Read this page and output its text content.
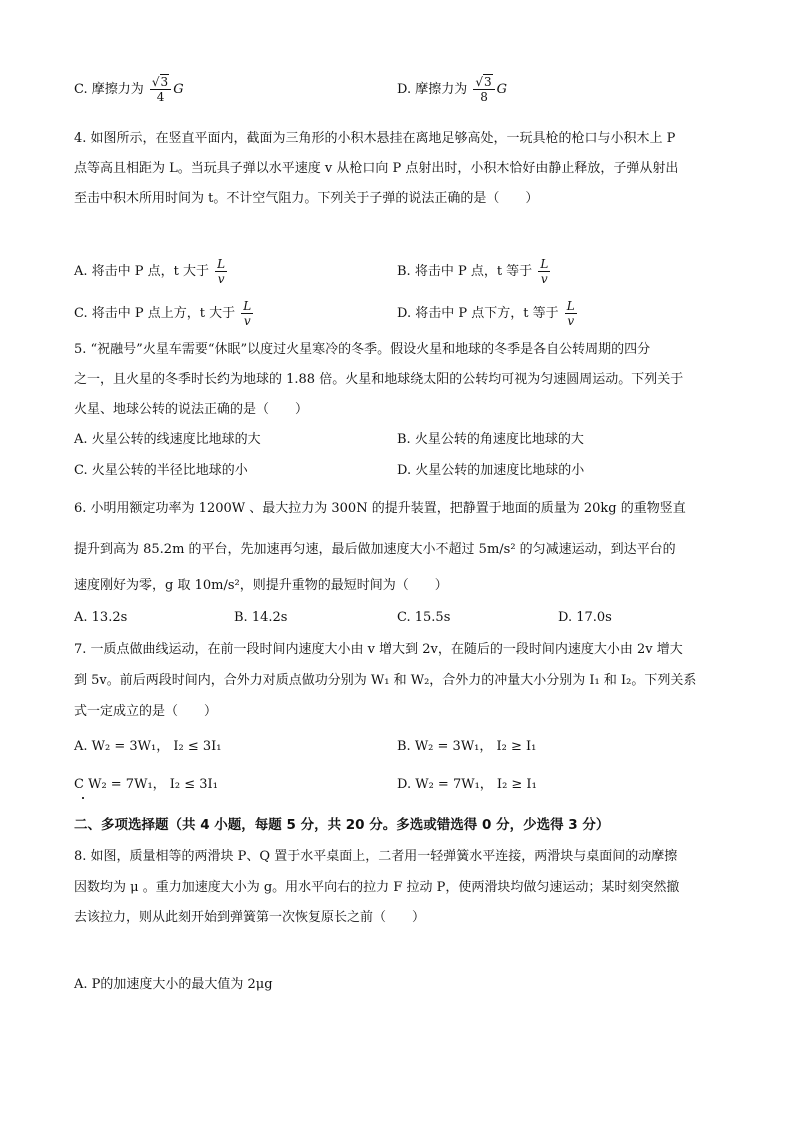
C. 摩擦力为 $\frac{√3}{4}$ G	D. 摩擦力为 $\frac{√3}{8}$ G
4. 如图所示，在竖直平面内，截面为三角形的小积木悬挂在离地足够高处，一玩具枪的枪口与小积木上 P
点等高且相距为 L。当玩具子弹以水平速度 v 从枪口向 P 点射出时，小积木恰好由静止释放，子弹从射出
至击中积木所用时间为 t。不计空气阻力。下列关于子弹的说法正确的是（　　）
A. 将击中 P 点，t 大于 $\frac{L}{v}$	B. 将击中 P 点，t 等于 $\frac{L}{v}$
C. 将击中 P 点上方，t 大于 $\frac{L}{v}$	D. 将击中 P 点下方，t 等于 $\frac{L}{v}$
5. “祝融号”火星车需要“休眠”以度过火星寒冷的冬季。假设火星和地球的冬季是各自公转周期的四分
之一，且火星的冬季时长约为地球的 1.88 倍。火星和地球绕太阳的公转均可视为匀速圆周运动。下列关于
火星、地球公转的说法正确的是（　　）
A. 火星公转的线速度比地球的大	B. 火星公转的角速度比地球的大
C. 火星公转的半径比地球的小	D. 火星公转的加速度比地球的小
6. 小明用额定功率为 1200W 、最大拉力为 300N 的提升装置，把静置于地面的质量为 20kg 的重物竖直
提升到高为 85.2m 的平台，先加速再匀速，最后做加速度大小不超过 5m/s² 的匀减速运动，到达平台的
速度刚好为零，g 取 10m/s²，则提升重物的最短时间为（　　）
A. 13.2s	B. 14.2s	C. 15.5s	D. 17.0s
7. 一质点做曲线运动，在前一段时间内速度大小由 v 增大到 2v，在随后的一段时间内速度大小由 2v 增大
到 5v。前后两段时间内，合外力对质点做功分别为 W₁ 和 W₂，合外力的冲量大小分别为 I₁ 和 I₂。下列关系
式一定成立的是（　　）
A. W₂ = 3W₁， I₂ ≤ 3I₁	B. W₂ = 3W₁， I₂ ≥ I₁
C W₂ = 7W₁， I₂ ≤ 3I₁	D. W₂ = 7W₁， I₂ ≥ I₁
二、多项选择题（共 4 小题，每题 5 分，共 20 分。多选或错选得 0 分，少选得 3 分）
8. 如图，质量相等的两滑块 P、Q 置于水平桌面上，二者用一轻弹簧水平连接，两滑块与桌面间的动摩擦
因数均为 μ 。重力加速度大小为 g。用水平向右的拉力 F 拉动 P，使两滑块均做匀速运动；某时刻突然撤
去该拉力，则从此刻开始到弹簧第一次恢复原长之前（　　）
A. P的加速度大小的最大值为 2μg
